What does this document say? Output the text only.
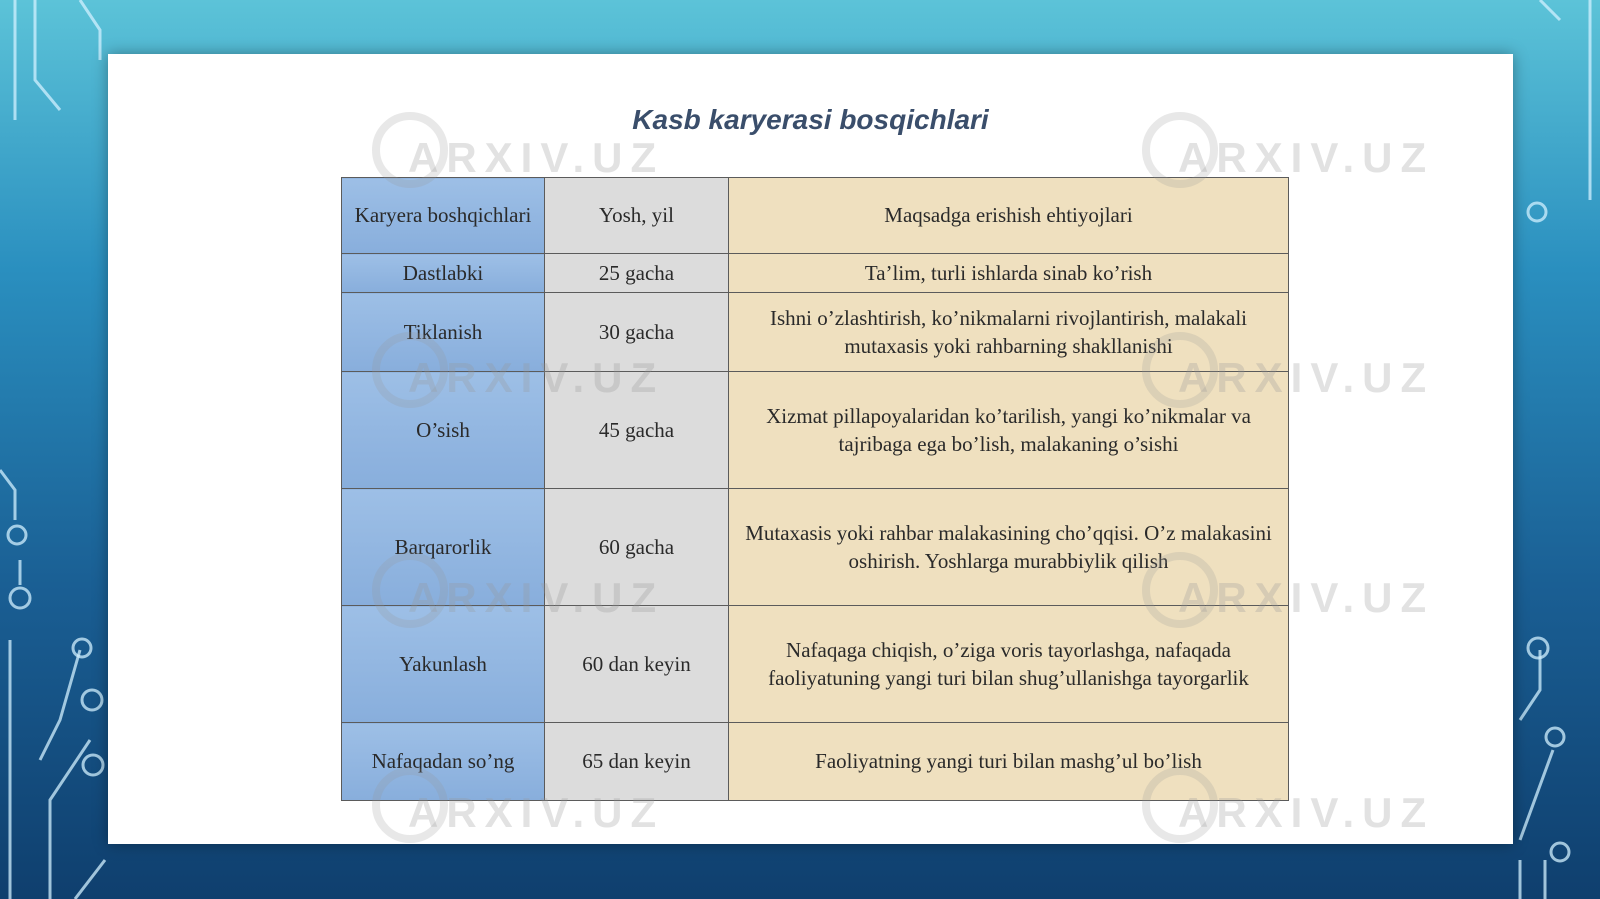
Kasb karyerasi bosqichlari
Karyera boshqichlari	Yosh, yil	Maqsadga erishish ehtiyojlari
Dastlabki	25 gacha	Ta’lim, turli ishlarda sinab ko’rish
Tiklanish	30 gacha	Ishni o’zlashtirish, ko’nikmalarni rivojlantirish, malakali mutaxasis yoki rahbarning shakllanishi
O’sish	45 gacha	Xizmat pillapoyalaridan ko’tarilish, yangi ko’nikmalar va tajribaga ega bo’lish, malakaning o’sishi
Barqarorlik	60 gacha	Mutaxasis yoki rahbar malakasining cho’qqisi. O’z malakasini oshirish. Yoshlarga murabbiylik qilish
Yakunlash	60 dan keyin	Nafaqaga chiqish, o’ziga voris tayorlashga, nafaqada faoliyatuning yangi turi bilan shug’ullanishga tayorgarlik
Nafaqadan so’ng	65 dan keyin	Faoliyatning yangi turi bilan mashg’ul bo’lish
ARXIV.UZ	ARXIV.UZ
ARXIV.UZ	ARXIV.UZ
ARXIV.UZ	ARXIV.UZ
ARXIV.UZ	ARXIV.UZ
